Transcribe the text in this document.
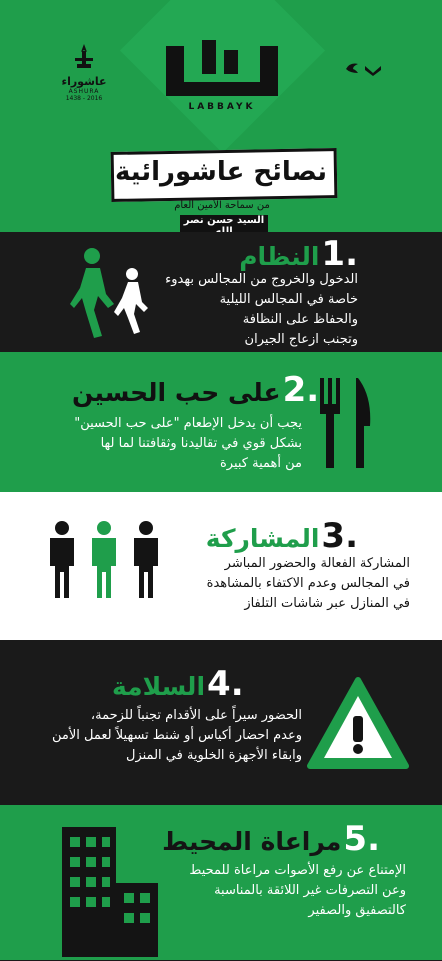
عاشوراء
ASHURA
1438 - 2016
LABBAYK
نصائح عاشورائية
من سماحة الأمين العام
السيد حسن نصر
النظام 1.
الدخول والخروج من المجالس بهدوء
خاصة في المجالس الليلية
والحفاظ على النظافة
وتجنب ازعاج الجيران
على حب الحسين 2.
يجب أن يدخل الإطعام "على حب الحسين"
بشكل قوي في تقاليدنا وثقافتنا لما لها
من أهمية كبيرة
المشاركة 3.
المشاركة الفعالة والحضور المباشر
في المجالس وعدم الاكتفاء بالمشاهدة
في المنازل عبر شاشات التلفاز
السلامة 4.
الحضور سيراً على الأقدام تجنباً للزحمة،
وعدم احضار أكياس أو شنط تسهيلاً لعمل الأمن
وابقاء الأجهزة الخلوية في المنزل
مراعاة المحيط 5.
الإمتناع عن رفع الأصوات مراعاة للمحيط
وعن التصرفات غير اللائقة بالمناسبة
كالتصفيق والصفير
